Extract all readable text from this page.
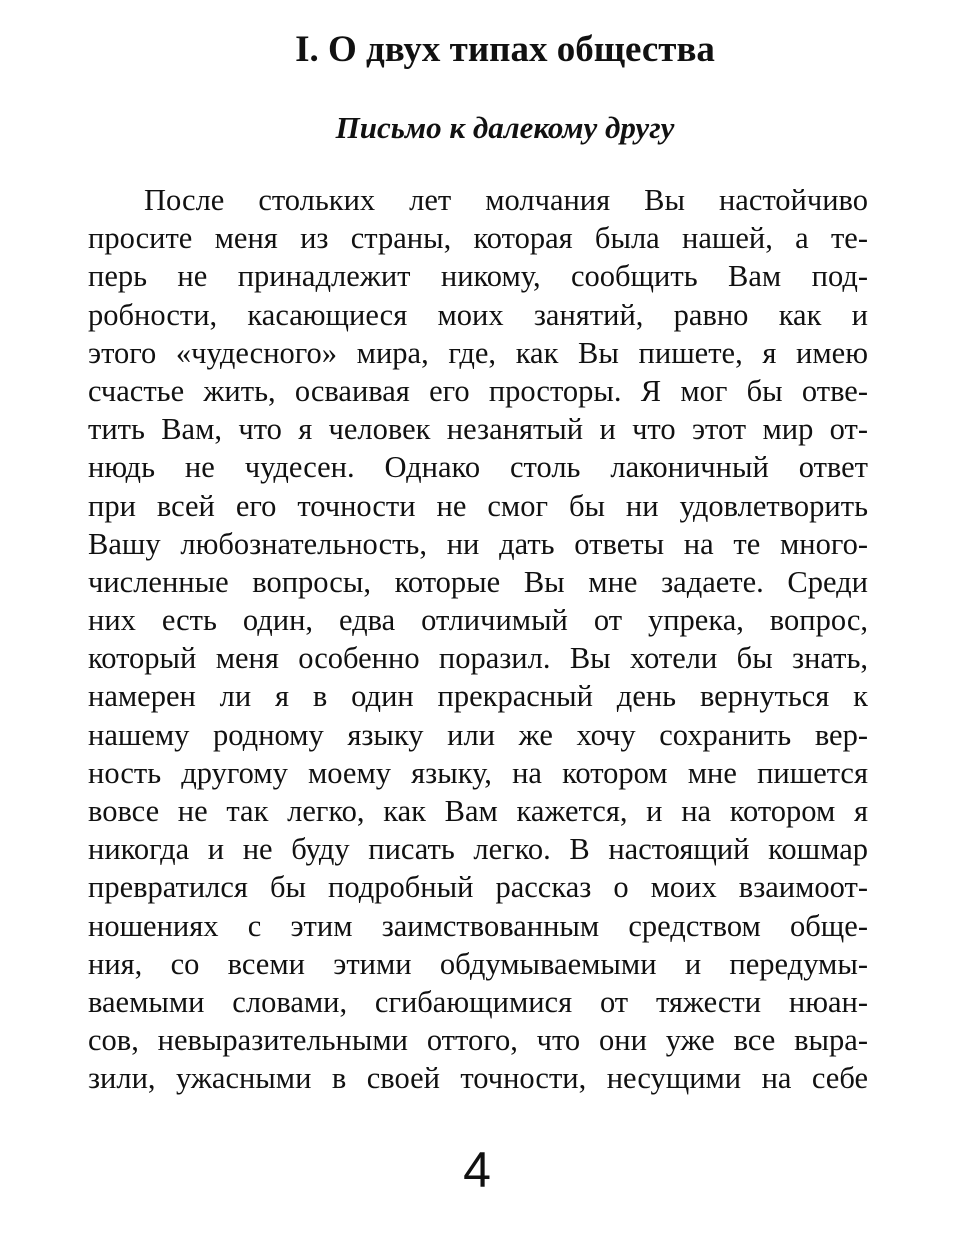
I. О двух типах общества
Письмо к далекому другу
После стольких лет молчания Вы настойчиво
просите меня из страны, которая была нашей, а те-
перь не принадлежит никому, сообщить Вам под-
робности, касающиеся моих занятий, равно как и
этого «чудесного» мира, где, как Вы пишете, я имею
счастье жить, осваивая его просторы. Я мог бы отве-
тить Вам, что я человек незанятый и что этот мир от-
нюдь не чудесен. Однако столь лаконичный ответ
при всей его точности не смог бы ни удовлетворить
Вашу любознательность, ни дать ответы на те много-
численные вопросы, которые Вы мне задаете. Среди
них есть один, едва отличимый от упрека, вопрос,
который меня особенно поразил. Вы хотели бы знать,
намерен ли я в один прекрасный день вернуться к
нашему родному языку или же хочу сохранить вер-
ность другому моему языку, на котором мне пишется
вовсе не так легко, как Вам кажется, и на котором я
никогда и не буду писать легко. В настоящий кошмар
превратился бы подробный рассказ о моих взаимоот-
ношениях с этим заимствованным средством обще-
ния, со всеми этими обдумываемыми и передумы-
ваемыми словами, сгибающимися от тяжести нюан-
сов, невыразительными оттого, что они уже все выра-
зили, ужасными в своей точности, несущими на себе
4
